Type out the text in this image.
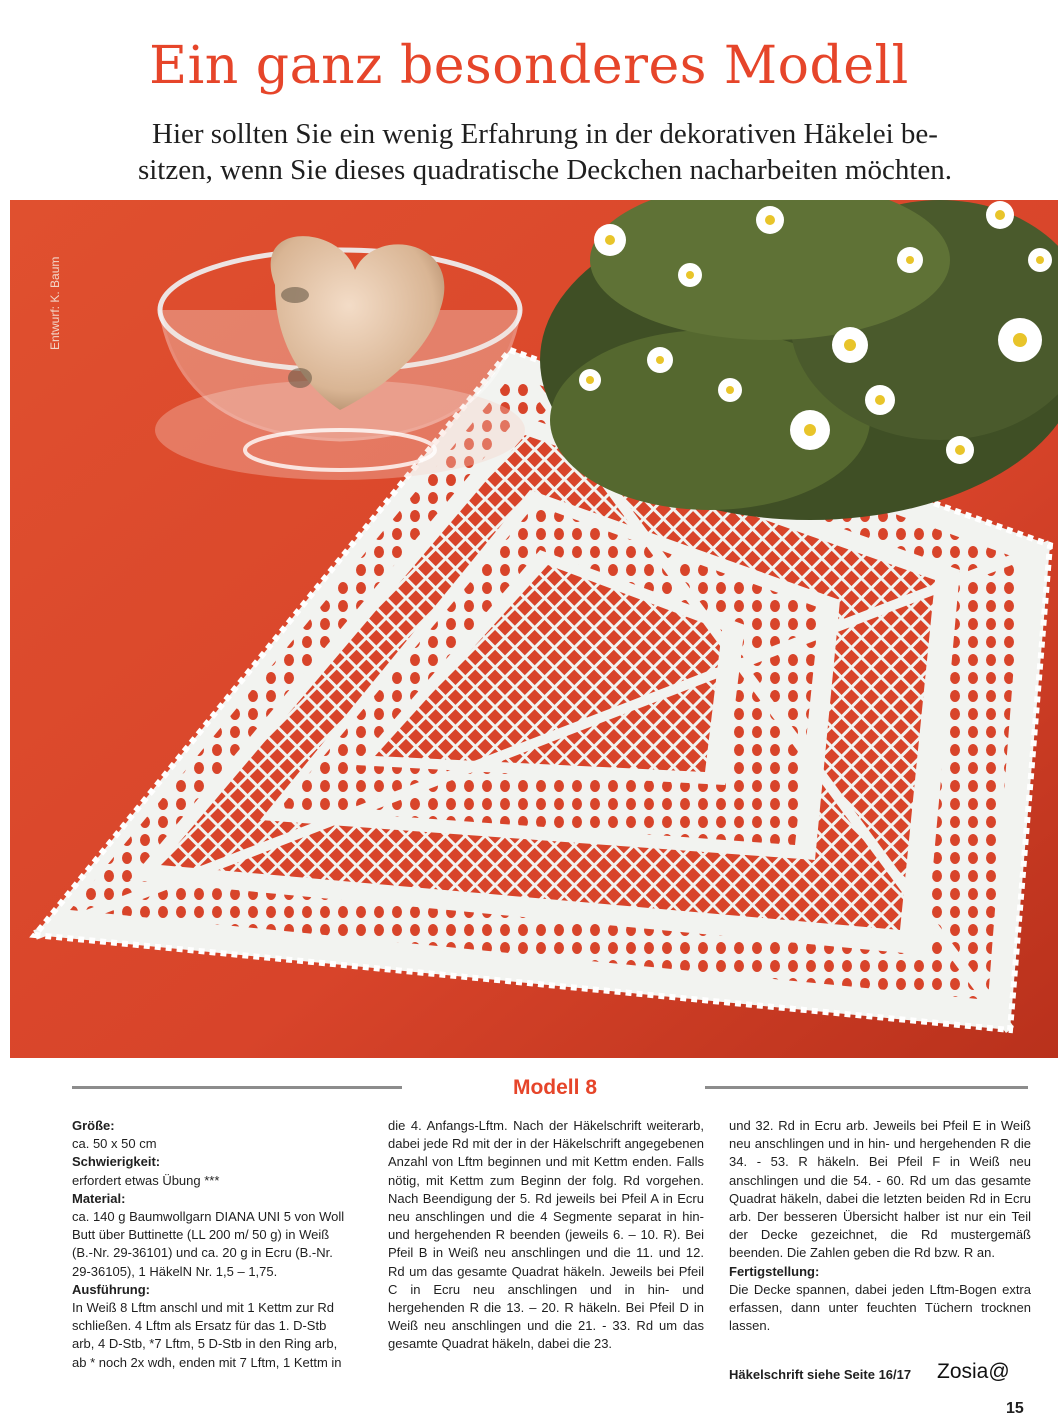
Ein ganz besonderes Modell

Hier sollten Sie ein wenig Erfahrung in der dekorativen Häkelei be-
sitzen, wenn Sie dieses quadratische Deckchen nacharbeiten möchten.

Entwurf: K. Baum
Modell 8

Größe:

ca. 50 x 50 cm

Schwierigkeit:

erfordert etwas Übung ***

Material:

ca. 140 g Baumwollgarn DIANA UNI 5 von Woll

Butt über Buttinette (LL 200 m/ 50 g) in Weiß

(B.-Nr. 29-36101) und ca. 20 g in Ecru (B.-Nr.

29-36105), 1 HäkelN Nr. 1,5 – 1,75.

Ausführung:

In Weiß 8 Lftm anschl und mit 1 Kettm zur Rd

schließen. 4 Lftm als Ersatz für das 1. D-Stb

arb, 4 D-Stb, *7 Lftm, 5 D-Stb in den Ring arb,

ab * noch 2x wdh, enden mit 7 Lftm, 1 Kettm in

die 4. Anfangs-Lftm. Nach der Häkelschrift weiterarb, dabei jede Rd mit der in der Häkelschrift angegebenen Anzahl von Lftm beginnen und mit Kettm enden. Falls nötig, mit Kettm zum Beginn der folg. Rd vorgehen. Nach Beendigung der 5. Rd jeweils bei Pfeil A in Ecru neu anschlingen und die 4 Segmente separat in hin- und hergehenden R beenden (jeweils 6. – 10. R). Bei Pfeil B in Weiß neu anschlingen und die 11. und 12. Rd um das gesamte Quadrat häkeln. Jeweils bei Pfeil C in Ecru neu anschlingen und in hin- und hergehenden R die 13. – 20. R häkeln. Bei Pfeil D in Weiß neu anschlingen und die 21. - 33. Rd um das gesamte Quadrat häkeln, dabei die 23.

und 32. Rd in Ecru arb. Jeweils bei Pfeil E in Weiß neu anschlingen und in hin- und hergehenden R die 34. - 53. R häkeln. Bei Pfeil F in Weiß neu anschlingen und die 54. - 60. Rd um das gesamte Quadrat häkeln, dabei die letzten beiden Rd in Ecru arb. Der besseren Übersicht halber ist nur ein Teil der Decke gezeichnet, die Rd mustergemäß beenden. Die Zahlen geben die Rd bzw. R an.

Fertigstellung:

Die Decke spannen, dabei jeden Lftm-Bogen extra erfassen, dann unter feuchten Tüchern trocknen lassen.

Häkelschrift siehe Seite 16/17 Zosia@
15
